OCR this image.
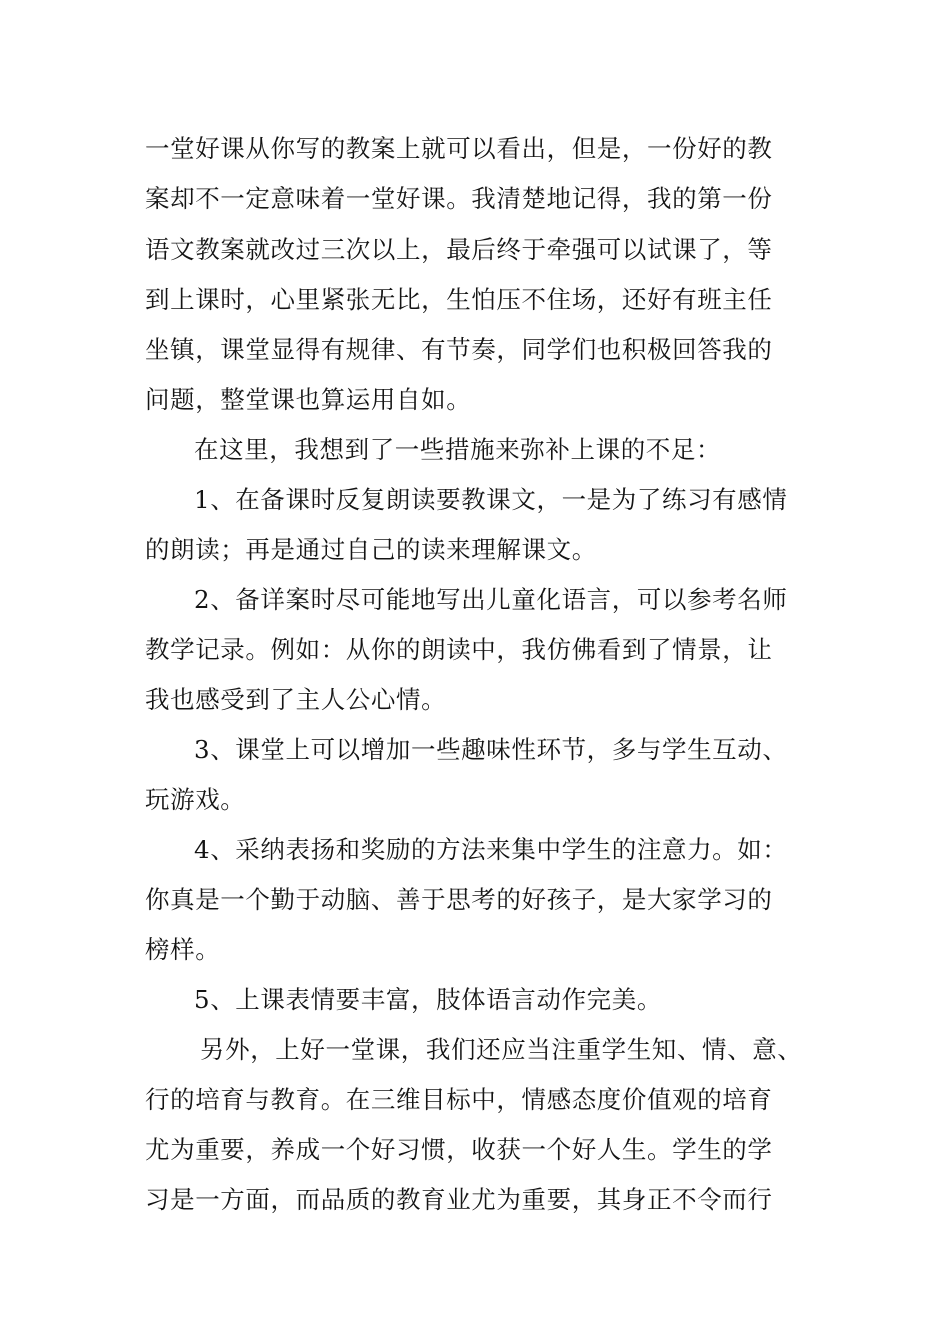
一堂好课从你写的教案上就可以看出，但是，一份好的教
案却不一定意味着一堂好课。我清楚地记得，我的第一份
语文教案就改过三次以上，最后终于牵强可以试课了，等
到上课时，心里紧张无比，生怕压不住场，还好有班主任
坐镇，课堂显得有规律、有节奏，同学们也积极回答我的
问题，整堂课也算运用自如。
在这里，我想到了一些措施来弥补上课的不足：
1、在备课时反复朗读要教课文，一是为了练习有感情
的朗读；再是通过自己的读来理解课文。
2、备详案时尽可能地写出儿童化语言，可以参考名师
教学记录。例如：从你的朗读中，我仿佛看到了情景，让
我也感受到了主人公心情。
3、课堂上可以增加一些趣味性环节，多与学生互动、
玩游戏。
4、采纳表扬和奖励的方法来集中学生的注意力。如：
你真是一个勤于动脑、善于思考的好孩子，是大家学习的
榜样。
5、上课表情要丰富，肢体语言动作完美。
另外，上好一堂课，我们还应当注重学生知、情、意、
行的培育与教育。在三维目标中，情感态度价值观的培育
尤为重要，养成一个好习惯，收获一个好人生。学生的学
习是一方面，而品质的教育业尤为重要，其身正不令而行
